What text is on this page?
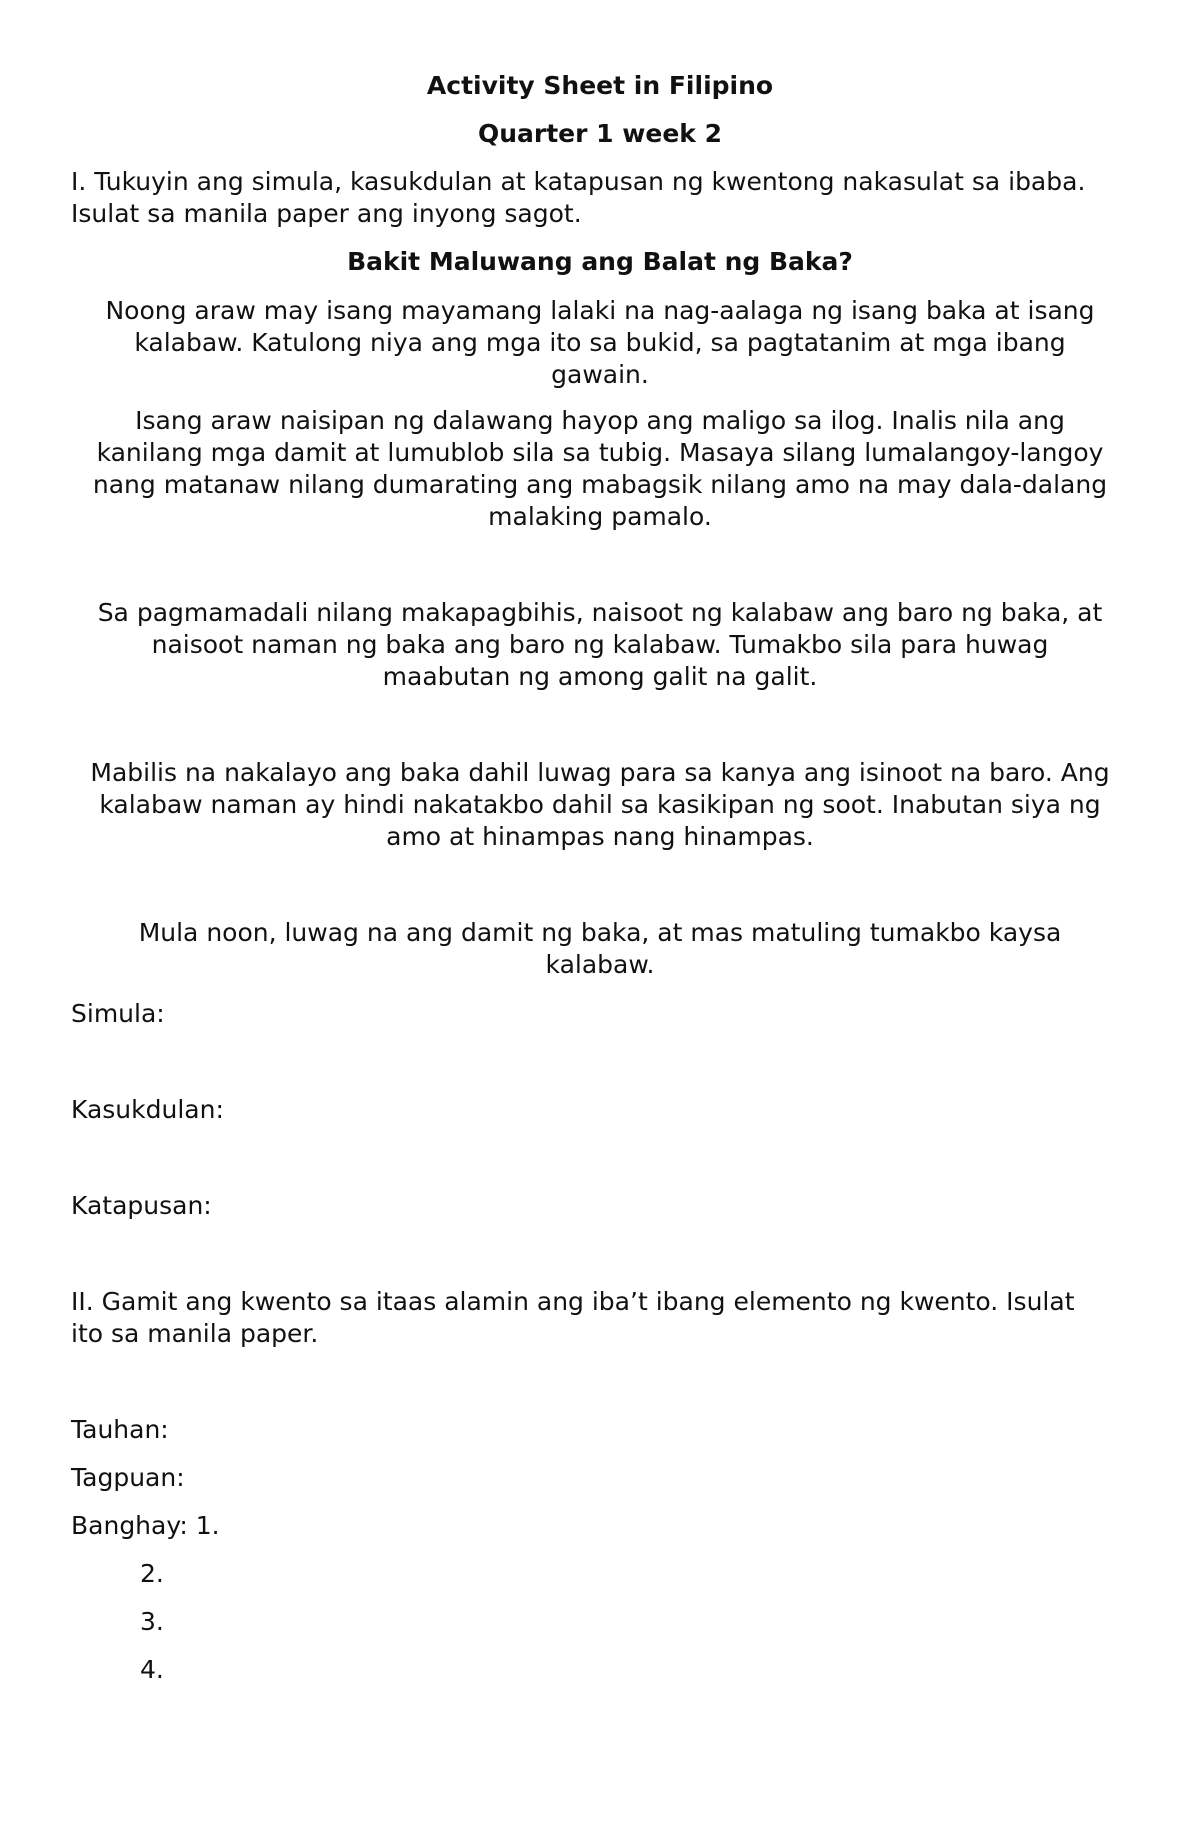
Activity Sheet in Filipino

Quarter 1 week 2

I. Tukuyin ang simula, kasukdulan at katapusan ng kwentong nakasulat sa ibaba.

Isulat sa manila paper ang inyong sagot.

Bakit Maluwang ang Balat ng Baka?

Noong araw may isang mayamang lalaki na nag-aalaga ng isang baka at isang

kalabaw. Katulong niya ang mga ito sa bukid, sa pagtatanim at mga ibang

gawain.

Isang araw naisipan ng dalawang hayop ang maligo sa ilog. Inalis nila ang

kanilang mga damit at lumublob sila sa tubig. Masaya silang lumalangoy-langoy

nang matanaw nilang dumarating ang mabagsik nilang amo na may dala-dalang

malaking pamalo.

Sa pagmamadali nilang makapagbihis, naisoot ng kalabaw ang baro ng baka, at

naisoot naman ng baka ang baro ng kalabaw. Tumakbo sila para huwag

maabutan ng among galit na galit.

Mabilis na nakalayo ang baka dahil luwag para sa kanya ang isinoot na baro. Ang

kalabaw naman ay hindi nakatakbo dahil sa kasikipan ng soot. Inabutan siya ng

amo at hinampas nang hinampas.

Mula noon, luwag na ang damit ng baka, at mas matuling tumakbo kaysa

kalabaw.

Simula:

Kasukdulan:

Katapusan:

II. Gamit ang kwento sa itaas alamin ang iba’t ibang elemento ng kwento. Isulat

ito sa manila paper.

Tauhan:

Tagpuan:

Banghay: 1.

2.

3.

4.
